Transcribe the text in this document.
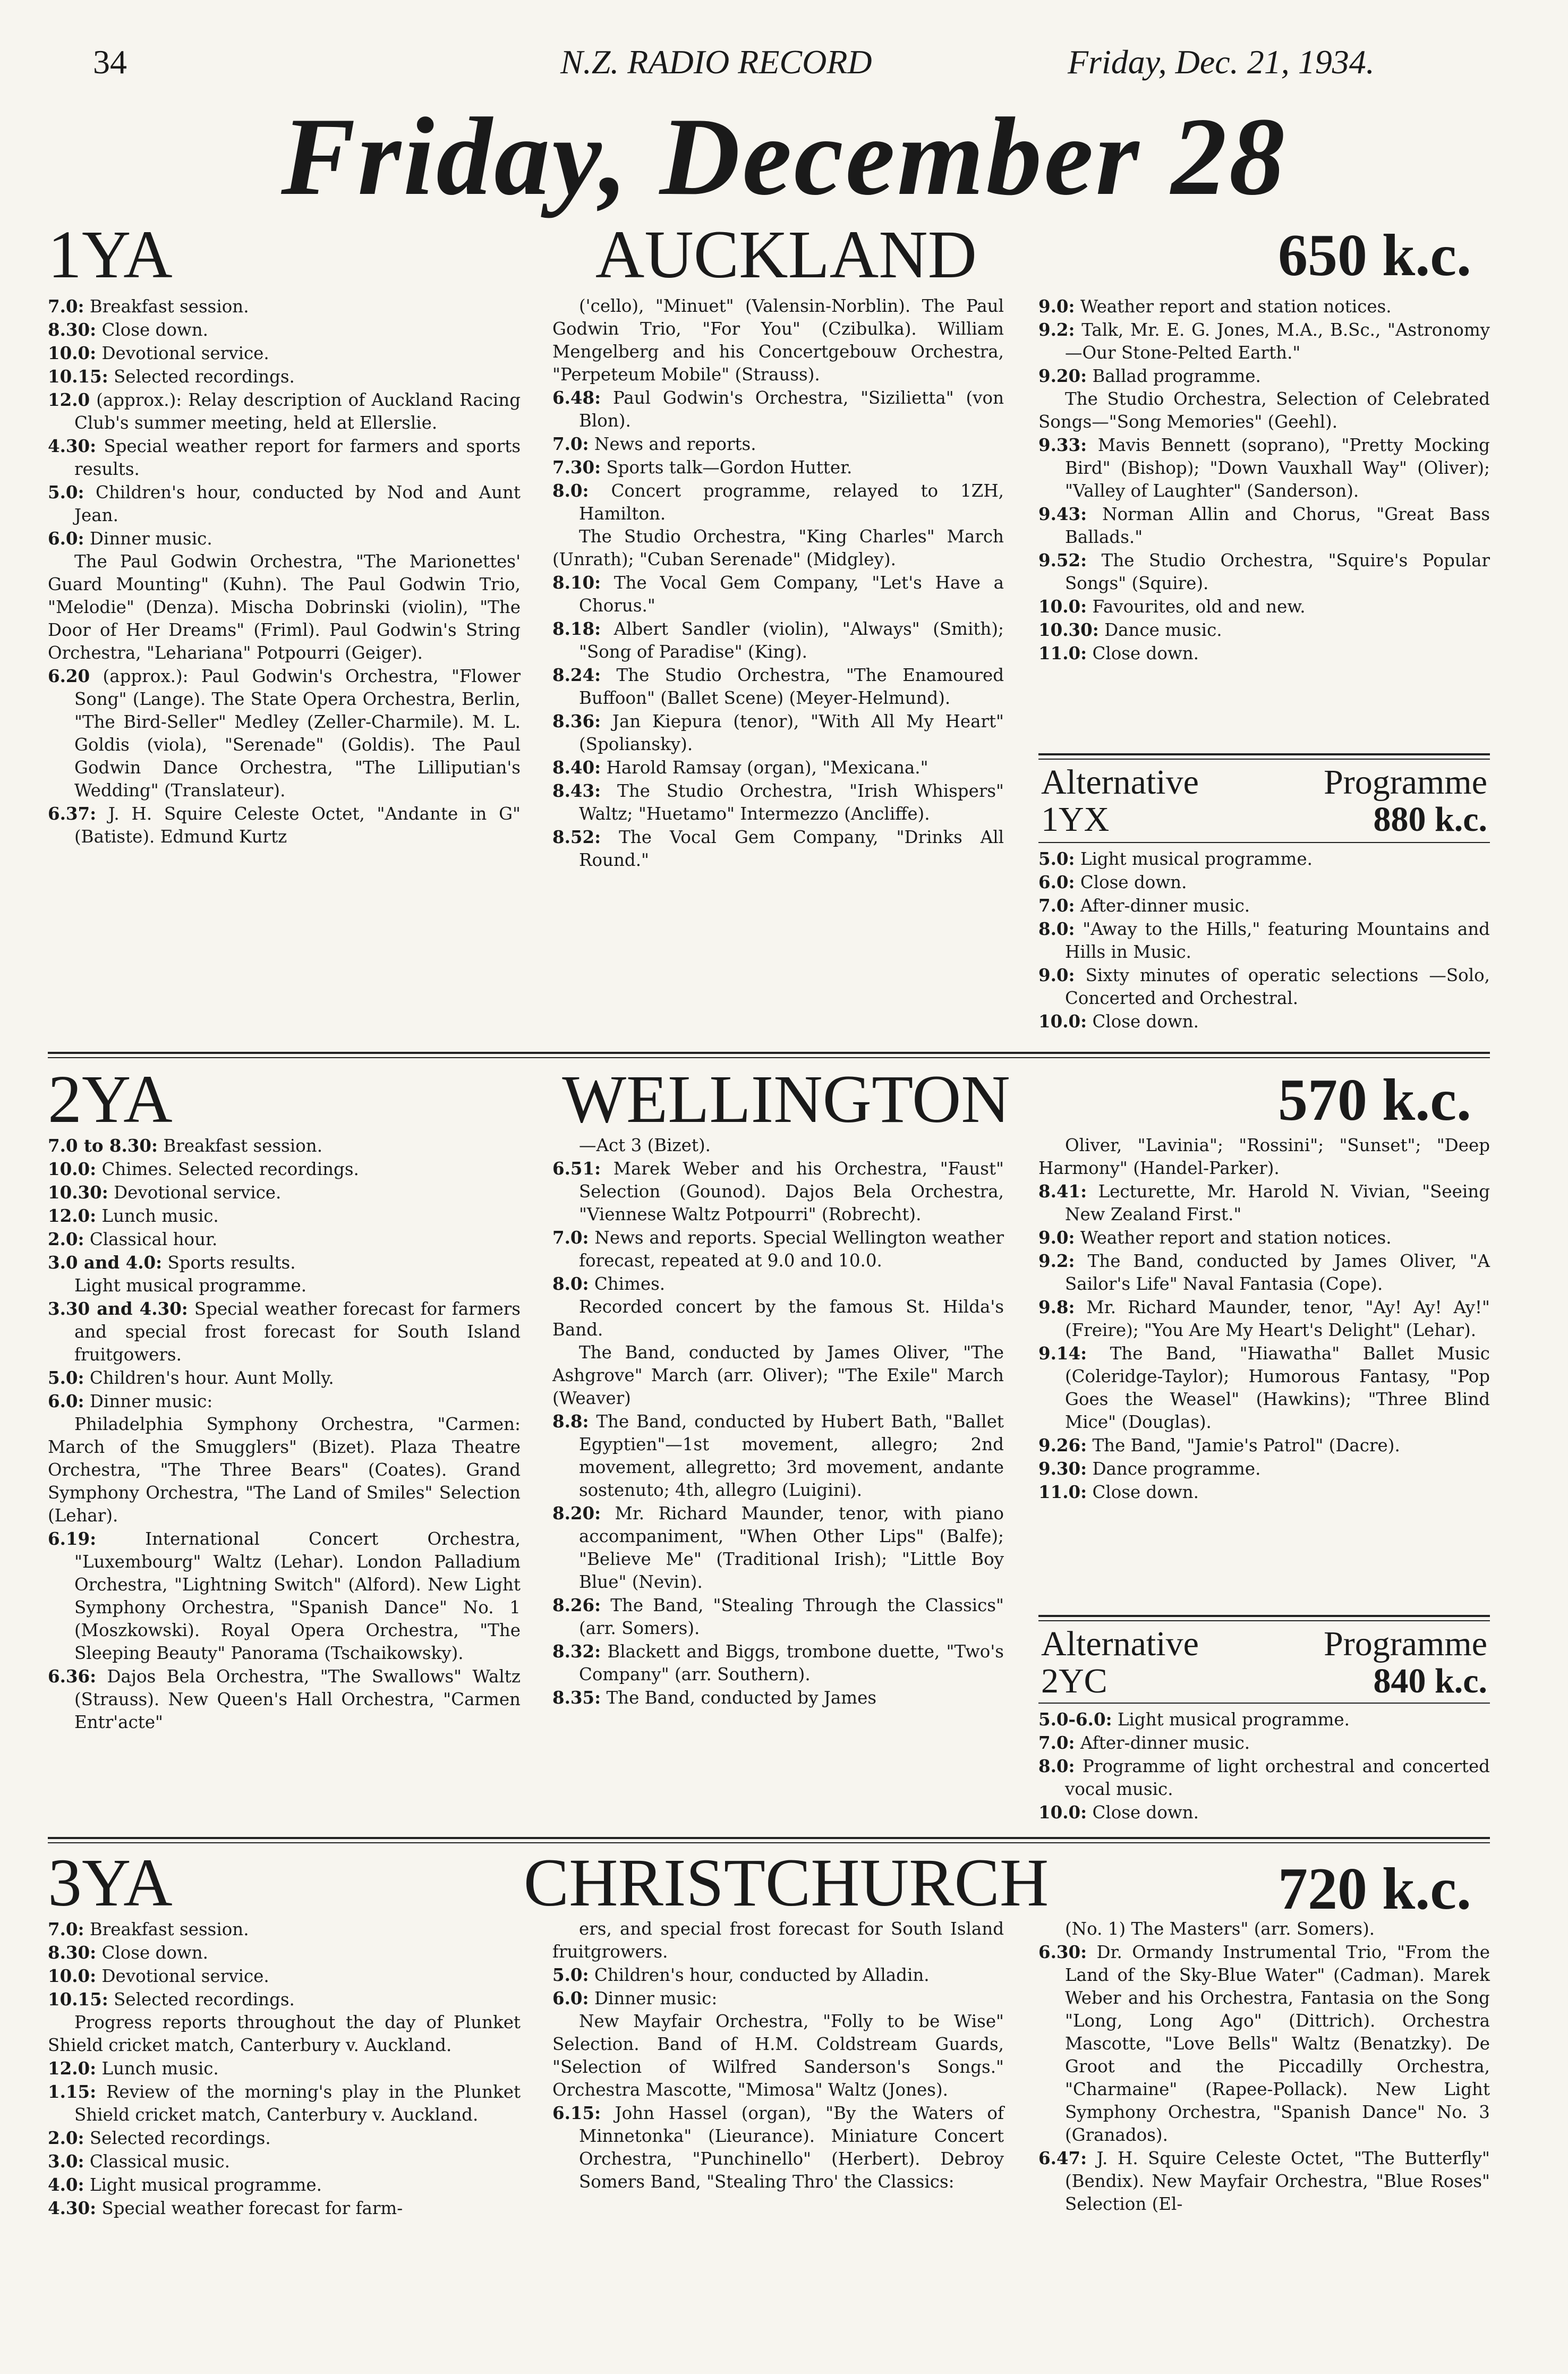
34	N.Z. RADIO RECORD	Friday, Dec. 21, 1934.
Friday, December 28
1YA	AUCKLAND	650 k.c.

7.0: Breakfast session.

8.30: Close down.

10.0: Devotional service.

10.15: Selected recordings.

12.0 (approx.): Relay description of Auckland Racing Club's summer meeting, held at Ellerslie.

4.30: Special weather report for farmers and sports results.

5.0: Children's hour, conducted by Nod and Aunt Jean.

6.0: Dinner music.

The Paul Godwin Orchestra, "The Marionettes' Guard Mounting" (Kuhn). The Paul Godwin Trio, "Melodie" (Denza). Mischa Dobrinski (violin), "The Door of Her Dreams" (Friml). Paul Godwin's String Orchestra, "Lehariana" Potpourri (Geiger).

6.20 (approx.): Paul Godwin's Orchestra, "Flower Song" (Lange). The State Opera Orchestra, Berlin, "The Bird-Seller" Medley (Zeller-Charmile). M. L. Goldis (viola), "Serenade" (Goldis). The Paul Godwin Dance Orchestra, "The Lilliputian's Wedding" (Translateur).

6.37: J. H. Squire Celeste Octet, "Andante in G" (Batiste). Edmund Kurtz

('cello), "Minuet" (Valensin-Norblin). The Paul Godwin Trio, "For You" (Czibulka). William Mengelberg and his Concertgebouw Orchestra, "Perpeteum Mobile" (Strauss).

6.48: Paul Godwin's Orchestra, "Sizilietta" (von Blon).

7.0: News and reports.

7.30: Sports talk—Gordon Hutter.

8.0: Concert programme, relayed to 1ZH, Hamilton.

The Studio Orchestra, "King Charles" March (Unrath); "Cuban Serenade" (Midgley).

8.10: The Vocal Gem Company, "Let's Have a Chorus."

8.18: Albert Sandler (violin), "Always" (Smith); "Song of Paradise" (King).

8.24: The Studio Orchestra, "The Enamoured Buffoon" (Ballet Scene) (Meyer-Helmund).

8.36: Jan Kiepura (tenor), "With All My Heart" (Spoliansky).

8.40: Harold Ramsay (organ), "Mexicana."

8.43: The Studio Orchestra, "Irish Whispers" Waltz; "Huetamo" Intermezzo (Ancliffe).

8.52: The Vocal Gem Company, "Drinks All Round."

9.0: Weather report and station notices.

9.2: Talk, Mr. E. G. Jones, M.A., B.Sc., "Astronomy—Our Stone-Pelted Earth."

9.20: Ballad programme.

The Studio Orchestra, Selection of Celebrated Songs—"Song Memories" (Geehl).

9.33: Mavis Bennett (soprano), "Pretty Mocking Bird" (Bishop); "Down Vauxhall Way" (Oliver); "Valley of Laughter" (Sanderson).

9.43: Norman Allin and Chorus, "Great Bass Ballads."

9.52: The Studio Orchestra, "Squire's Popular Songs" (Squire).

10.0: Favourites, old and new.

10.30: Dance music.

11.0: Close down.

Alternative	Programme
1YX	880 k.c.

5.0: Light musical programme.

6.0: Close down.

7.0: After-dinner music.

8.0: "Away to the Hills," featuring Mountains and Hills in Music.

9.0: Sixty minutes of operatic selections —Solo, Concerted and Orchestral.

10.0: Close down.

2YA	WELLINGTON	570 k.c.

7.0 to 8.30: Breakfast session.

10.0: Chimes. Selected recordings.

10.30: Devotional service.

12.0: Lunch music.

2.0: Classical hour.

3.0 and 4.0: Sports results.

Light musical programme.

3.30 and 4.30: Special weather forecast for farmers and special frost forecast for South Island fruitgowers.

5.0: Children's hour. Aunt Molly.

6.0: Dinner music:

Philadelphia Symphony Orchestra, "Carmen: March of the Smugglers" (Bizet). Plaza Theatre Orchestra, "The Three Bears" (Coates). Grand Symphony Orchestra, "The Land of Smiles" Selection (Lehar).

6.19: International Concert Orchestra, "Luxembourg" Waltz (Lehar). London Palladium Orchestra, "Lightning Switch" (Alford). New Light Symphony Orchestra, "Spanish Dance" No. 1 (Moszkowski). Royal Opera Orchestra, "The Sleeping Beauty" Panorama (Tschaikowsky).

6.36: Dajos Bela Orchestra, "The Swallows" Waltz (Strauss). New Queen's Hall Orchestra, "Carmen Entr'acte"

—Act 3 (Bizet).

6.51: Marek Weber and his Orchestra, "Faust" Selection (Gounod). Dajos Bela Orchestra, "Viennese Waltz Potpourri" (Robrecht).

7.0: News and reports. Special Wellington weather forecast, repeated at 9.0 and 10.0.

8.0: Chimes.

Recorded concert by the famous St. Hilda's Band.

The Band, conducted by James Oliver, "The Ashgrove" March (arr. Oliver); "The Exile" March (Weaver)

8.8: The Band, conducted by Hubert Bath, "Ballet Egyptien"—1st movement, allegro; 2nd movement, allegretto; 3rd movement, andante sostenuto; 4th, allegro (Luigini).

8.20: Mr. Richard Maunder, tenor, with piano accompaniment, "When Other Lips" (Balfe); "Believe Me" (Traditional Irish); "Little Boy Blue" (Nevin).

8.26: The Band, "Stealing Through the Classics" (arr. Somers).

8.32: Blackett and Biggs, trombone duette, "Two's Company" (arr. Southern).

8.35: The Band, conducted by James

Oliver, "Lavinia"; "Rossini"; "Sunset"; "Deep Harmony" (Handel-Parker).

8.41: Lecturette, Mr. Harold N. Vivian, "Seeing New Zealand First."

9.0: Weather report and station notices.

9.2: The Band, conducted by James Oliver, "A Sailor's Life" Naval Fantasia (Cope).

9.8: Mr. Richard Maunder, tenor, "Ay! Ay! Ay!" (Freire); "You Are My Heart's Delight" (Lehar).

9.14: The Band, "Hiawatha" Ballet Music (Coleridge-Taylor); Humorous Fantasy, "Pop Goes the Weasel" (Hawkins); "Three Blind Mice" (Douglas).

9.26: The Band, "Jamie's Patrol" (Dacre).

9.30: Dance programme.

11.0: Close down.

Alternative	Programme
2YC	840 k.c.

5.0-6.0: Light musical programme.

7.0: After-dinner music.

8.0: Programme of light orchestral and concerted vocal music.

10.0: Close down.

3YA	CHRISTCHURCH	720 k.c.

7.0: Breakfast session.

8.30: Close down.

10.0: Devotional service.

10.15: Selected recordings.

Progress reports throughout the day of Plunket Shield cricket match, Canterbury v. Auckland.

12.0: Lunch music.

1.15: Review of the morning's play in the Plunket Shield cricket match, Canterbury v. Auckland.

2.0: Selected recordings.

3.0: Classical music.

4.0: Light musical programme.

4.30: Special weather forecast for farm-

ers, and special frost forecast for South Island fruitgrowers.

5.0: Children's hour, conducted by Alladin.

6.0: Dinner music:

New Mayfair Orchestra, "Folly to be Wise" Selection. Band of H.M. Coldstream Guards, "Selection of Wilfred Sanderson's Songs." Orchestra Mascotte, "Mimosa" Waltz (Jones).

6.15: John Hassel (organ), "By the Waters of Minnetonka" (Lieurance). Miniature Concert Orchestra, "Punchinello" (Herbert). Debroy Somers Band, "Stealing Thro' the Classics:

(No. 1) The Masters" (arr. Somers).

6.30: Dr. Ormandy Instrumental Trio, "From the Land of the Sky-Blue Water" (Cadman). Marek Weber and his Orchestra, Fantasia on the Song "Long, Long Ago" (Dittrich). Orchestra Mascotte, "Love Bells" Waltz (Benatzky). De Groot and the Piccadilly Orchestra, "Charmaine" (Rapee-Pollack). New Light Symphony Orchestra, "Spanish Dance" No. 3 (Granados).

6.47: J. H. Squire Celeste Octet, "The Butterfly" (Bendix). New Mayfair Orchestra, "Blue Roses" Selection (El-
